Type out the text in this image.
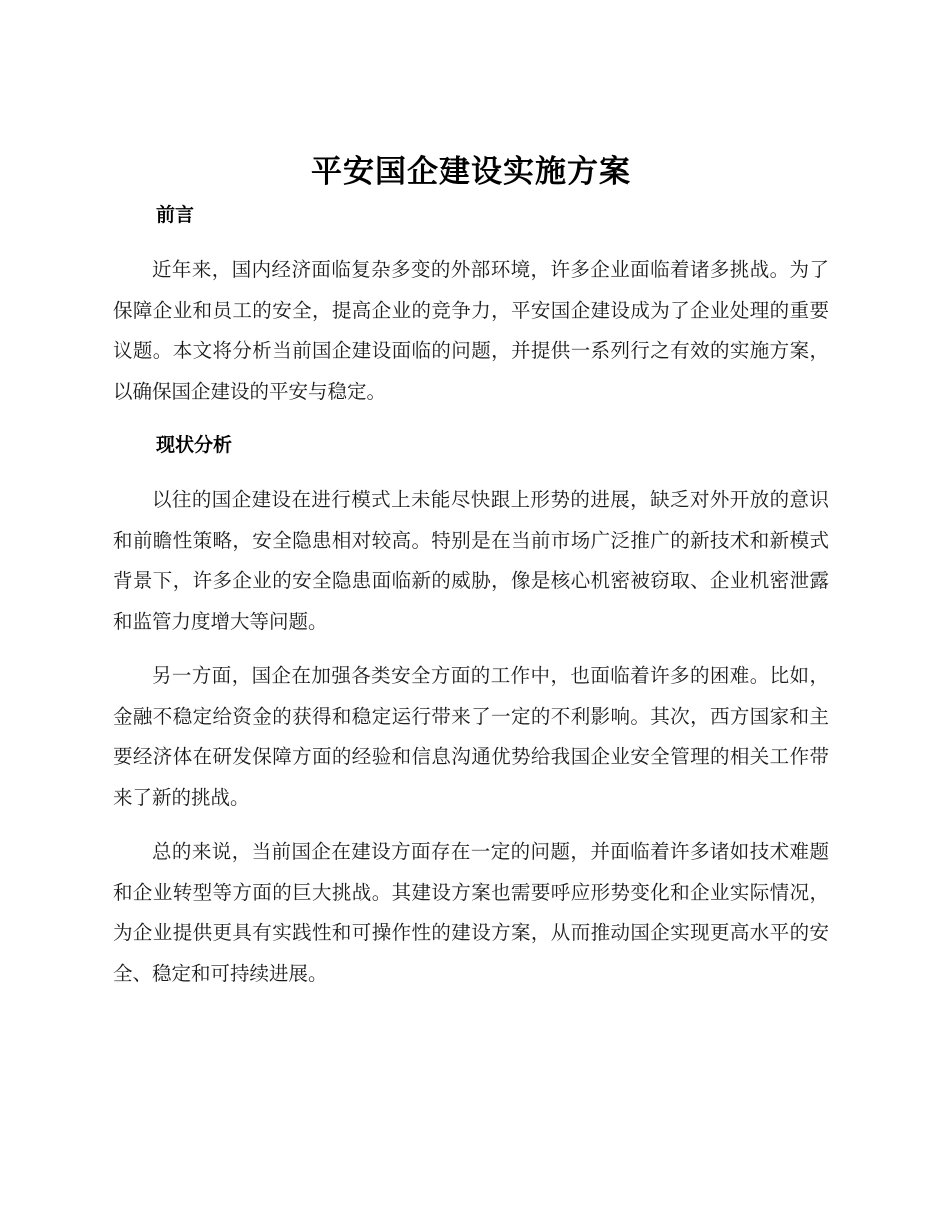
平安国企建设实施方案
前言

近年来，国内经济面临复杂多变的外部环境，许多企业面临着诸多挑战。为了保障企业和员工的安全，提高企业的竞争力，平安国企建设成为了企业处理的重要议题。本文将分析当前国企建设面临的问题，并提供一系列行之有效的实施方案，以确保国企建设的平安与稳定。

现状分析

以往的国企建设在进行模式上未能尽快跟上形势的进展，缺乏对外开放的意识和前瞻性策略，安全隐患相对较高。特别是在当前市场广泛推广的新技术和新模式背景下，许多企业的安全隐患面临新的威胁，像是核心机密被窃取、企业机密泄露和监管力度增大等问题。

另一方面，国企在加强各类安全方面的工作中，也面临着许多的困难。比如，金融不稳定给资金的获得和稳定运行带来了一定的不利影响。其次，西方国家和主要经济体在研发保障方面的经验和信息沟通优势给我国企业安全管理的相关工作带来了新的挑战。

总的来说，当前国企在建设方面存在一定的问题，并面临着许多诸如技术难题和企业转型等方面的巨大挑战。其建设方案也需要呼应形势变化和企业实际情况，为企业提供更具有实践性和可操作性的建设方案，从而推动国企实现更高水平的安全、稳定和可持续进展。
